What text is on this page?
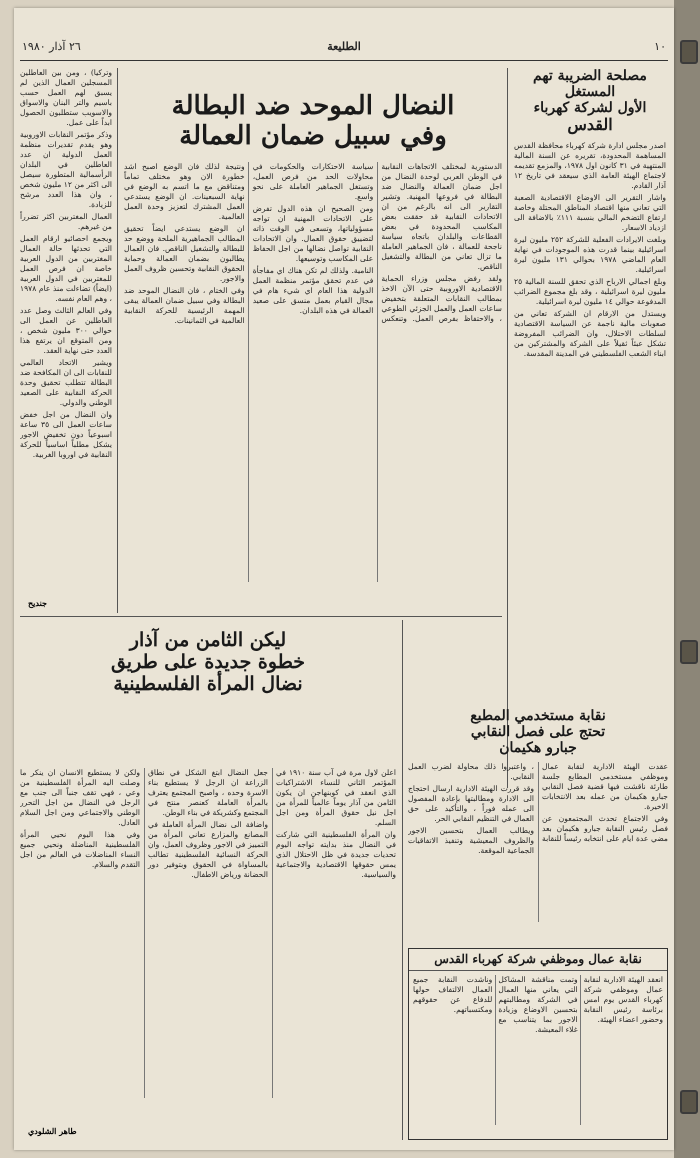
١٠
الطليعة
٢٦ آذار ١٩٨٠
مصلحة الضريبة تهم المستغل
الأول لشركة كهرباء
القدس

اصدر مجلس ادارة شركة كهرباء محافظة القدس المساهمة المحدودة، تقريره عن السنة المالية المنتهية في ٣١ كانون اول ١٩٧٨، والمزمع تقديمه لاجتماع الهيئة العامة الذي سيعقد في تاريخ ١٢ آذار القادم.

واشار التقرير الى الاوضاع الاقتصادية الصعبة التي تعاني منها اقتصاد المناطق المحتلة وخاصة ارتفاع التضخم المالي بنسبة ١١١٪ بالاضافة الى ازدياد الاسعار.

وبلغت الايرادات الفعلية للشركة ٢٥٢ مليون ليرة اسرائيلية بينما قدرت هذه الموجودات في نهاية العام الماضي ١٩٧٨ بحوالي ١٣١ مليون ليرة اسرائيلية.

وبلغ اجمالي الارباح الذي تحقق للسنة المالية ٢٥ مليون ليرة اسرائيلية ، وقد بلغ مجموع الضرائب المدفوعة حوالي ١٤ مليون ليرة اسرائيلية.

ويستدل من الارقام ان الشركة تعاني من صعوبات مالية ناجمة عن السياسة الاقتصادية لسلطات الاحتلال، وان الضرائب المفروضة تشكل عبئاً ثقيلاً على الشركة والمشتركين من ابناء الشعب الفلسطيني في المدينة المقدسة.

النضال الموحد ضد البطالة
وفي سبيل ضمان العمالة

الدستورية لمختلف الاتجاهات النقابية في الوطن العربي لوحدة النضال من اجل ضمان العمالة والنضال ضد البطالة في فروعها المهنية. وتشير التقارير الى انه بالرغم من ان الاتحادات النقابية قد حققت بعض المكاسب المحدودة في بعض القطاعات والبلدان باتجاه سياسة ناجحة للعمالة ، فان الجماهير العاملة ما تزال تعاني من البطالة والتشغيل الناقص.

ولقد رفض مجلس وزراء الحماية الاقتصادية الاوروبية حتى الآن الاخذ بمطالب النقابات المتعلقة بتخفيض ساعات العمل والعمل الجزئي الطوعي ، والاحتفاظ بفرص العمل. وتنعكس سياسة الاحتكارات والحكومات في محاولات الحد من فرص العمل، وتستغل الجماهير العاملة على نحو واسع.

ومن الصحيح ان هذه الدول تفرض على الاتحادات المهنية ان تواجه مسؤولياتها، وتسعى في الوقت ذاته لتضييق حقوق العمال. وان الاتحادات النقابية تواصل نضالها من اجل الحفاظ على المكاسب وتوسيعها.

النامية. ولذلك لم تكن هناك اي مفاجأة في عدم تحقق مؤتمر منظمة العمل الدولية هذا العام اي شيء هام في مجال القيام بعمل منسق على صعيد العمالة في هذه البلدان.

ونتيجة لذلك فان الوضع اصبح اشد خطورة الان وهو مختلف تماماً ومتناقض مع ما اتسم به الوضع في نهاية السبعينات. ان الوضع يستدعي العمل المشترك لتعزيز وحدة العمل العالمية.

ان الوضع يستدعي ايضاً تحقيق المطالب الجماهيرية الملحة ووضع حد للبطالة والتشغيل الناقص. فان العمال يطالبون بضمان العمالة وحماية الحقوق النقابية وتحسين ظروف العمل والاجور.

وفي الختام ، فان النضال الموحد ضد البطالة وفي سبيل ضمان العمالة يبقى المهمة الرئيسية للحركة النقابية العالمية في الثمانينات.

وتركيا) ، ومن بين العاطلين المسجلين العمال الذين لم يسبق لهم العمل حسب باسيم والتر البنان والاسواق والاسويب ستطلبون الحصول ابداً على عمل.

وذكر مؤتمر النقابات الاوروبية وهو يقدم تقديرات منظمة العمل الدولية ان عدد العاطلين في البلدان الرأسمالية المتطورة سيصل الى اكثر من ١٢ مليون شخص ، وان هذا العدد مرشح للزيادة.

العمال المغتربين اكثر تضرراً من غيرهم.

ويجمع احصائيو ارقام العمل التي تحدثها حالة العمال المغتربين من الدول العربية خاصة ان فرص العمل للمغتربين في الدول العربية (ايضاً) تضاءلت منذ عام ١٩٧٨ ، وهم العام نفسه.

وفي العالم الثالث وصل عدد العاطلين عن العمل الى حوالي ٣٠٠ مليون شخص ، ومن المتوقع ان يرتفع هذا العدد حتى نهاية العقد.

ويشير الاتحاد العالمي للنقابات الى ان المكافحة ضد البطالة تتطلب تحقيق وحدة الحركة النقابية على الصعيد الوطني والدولي.

وان النضال من اجل خفض ساعات العمل الى ٣٥ ساعة اسبوعياً دون تخفيض الاجور يشكل مطلباً اساسياً للحركة النقابية في اوروبا الغربية.

جنديح
ليكن الثامن من آذار
خطوة جديدة على طريق
نضال المرأة الفلسطينية

اعلن لاول مرة في آب سنة ١٩١٠ في المؤتمر الثاني للنساء الاشتراكيات الذي انعقد في كوبنهاجن ان يكون الثامن من آذار يوماً عالمياً للمرأة من اجل نيل حقوق المرأة ومن اجل السلم.

وان المرأة الفلسطينية التي شاركت في النضال منذ بدايته تواجه اليوم تحديات جديدة في ظل الاحتلال الذي يمس حقوقها الاقتصادية والاجتماعية والسياسية.

جعل النضال ابتغ الشكل في نطاق الزراعة ان الرجل لا يستطيع بناء الاسرة وحده ، واصبح المجتمع يعترف بالمرأة العاملة كعنصر منتج في المجتمع وكشريكة في بناء الوطن.

واضافة الى نضال المرأة العاملة في المصانع والمزارع تعاني المرأة من التمييز في الاجور وظروف العمل، وان الحركة النسائية الفلسطينية تطالب بالمساواة في الحقوق وبتوفير دور الحضانة ورياض الاطفال.

ولكن لا يستطيع الانسان ان ينكر ما وصلت اليه المرأة الفلسطينية من وعي ، فهي تقف جنباً الى جنب مع الرجل في النضال من اجل التحرر الوطني والاجتماعي ومن اجل السلام العادل.

وفي هذا اليوم نحيي المرأة الفلسطينية المناضلة ونحيي جميع النساء المناضلات في العالم من اجل التقدم والسلام.

طاهر الشلودي
نقابة مستخدمي المطبع
تحتج على فصل النقابي
جبارو هكيمان

عقدت الهيئة الادارية لنقابة عمال وموظفي مستخدمي المطابع جلسة طارئة ناقشت فيها قضية فصل النقابي جبارو هكيمان من عمله بعد الانتخابات الاخيرة.

وفي الاجتماع تحدث المجتمعون عن فصل رئيس النقابة جبارو هكيمان بعد مضي عدة ايام على انتخابه رئيساً للنقابة ، واعتبروا ذلك محاولة لضرب العمل النقابي.

وقد قررت الهيئة الادارية ارسال احتجاج الى الادارة ومطالبتها بإعادة المفصول الى عمله فوراً ، والتأكيد على حق العمال في التنظيم النقابي الحر.

ويطالب العمال بتحسين الاجور والظروف المعيشية وتنفيذ الاتفاقيات الجماعية الموقعة.

نقابة عمال وموظفي شركة كهرباء القدس

انعقد الهيئة الادارية لنقابة عمال وموظفي شركة كهرباء القدس يوم امس برئاسة رئيس النقابة وحضور اعضاء الهيئة.

وتمت مناقشة المشاكل التي يعاني منها العمال في الشركة ومطالبتهم بتحسين الاوضاع وزيادة الاجور بما يتناسب مع غلاء المعيشة.

وناشدت النقابة جميع العمال الالتفاف حولها للدفاع عن حقوقهم ومكتسباتهم.
